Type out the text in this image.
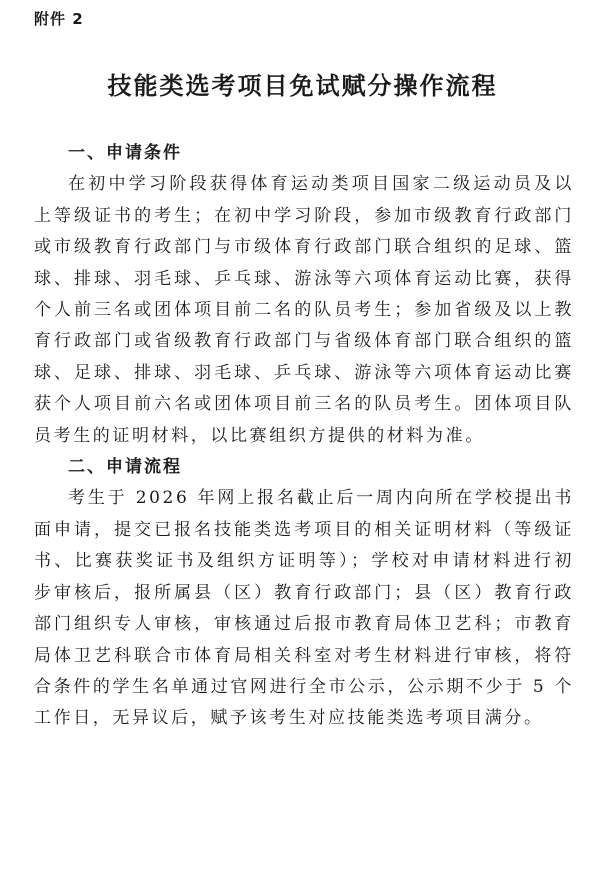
附件 2
技能类选考项目免试赋分操作流程
一、申请条件

在初中学习阶段获得体育运动类项目国家二级运动员及以上等级证书的考生；在初中学习阶段，参加市级教育行政部门或市级教育行政部门与市级体育行政部门联合组织的足球、篮球、排球、羽毛球、乒乓球、游泳等六项体育运动比赛，获得个人前三名或团体项目前二名的队员考生；参加省级及以上教育行政部门或省级教育行政部门与省级体育部门联合组织的篮球、足球、排球、羽毛球、乒乓球、游泳等六项体育运动比赛获个人项目前六名或团体项目前三名的队员考生。团体项目队员考生的证明材料，以比赛组织方提供的材料为准。

二、申请流程

考生于 2026 年网上报名截止后一周内向所在学校提出书面申请，提交已报名技能类选考项目的相关证明材料（等级证书、比赛获奖证书及组织方证明等）；学校对申请材料进行初步审核后，报所属县（区）教育行政部门；县（区）教育行政部门组织专人审核，审核通过后报市教育局体卫艺科；市教育局体卫艺科联合市体育局相关科室对考生材料进行审核，将符合条件的学生名单通过官网进行全市公示，公示期不少于 5 个工作日，无异议后，赋予该考生对应技能类选考项目满分。
